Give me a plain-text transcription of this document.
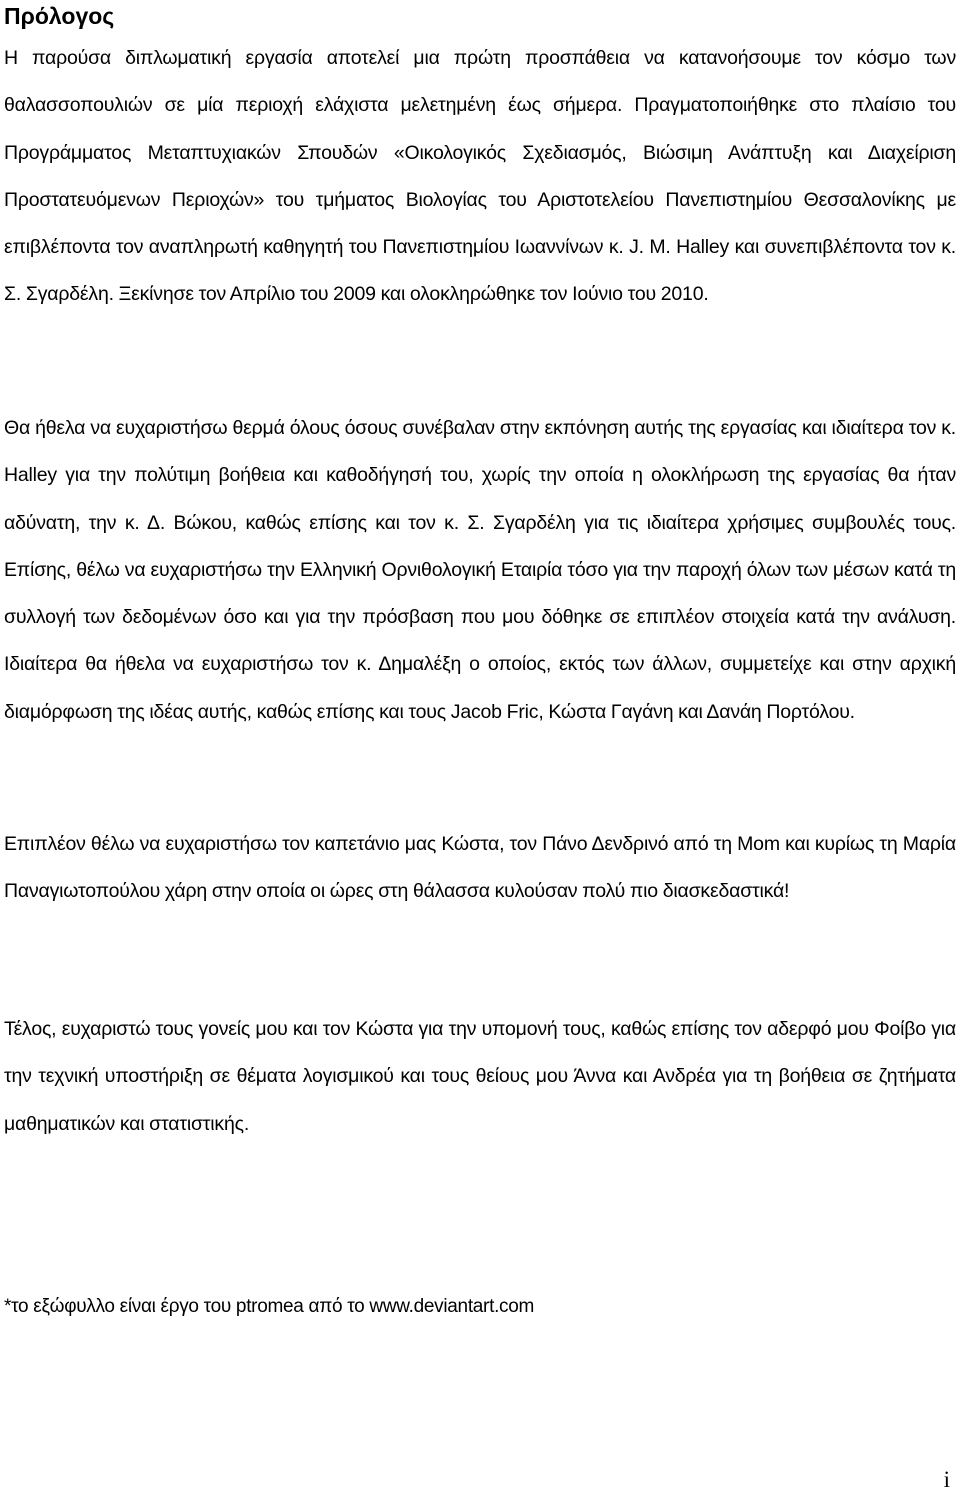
Πρόλογος

Η παρούσα διπλωματική εργασία αποτελεί μια πρώτη προσπάθεια να κατανοήσουμε τον κόσμο των θαλασσοπουλιών σε μία περιοχή ελάχιστα μελετημένη έως σήμερα. Πραγματοποιήθηκε στο πλαίσιο του Προγράμματος Μεταπτυχιακών Σπουδών «Οικολογικός Σχεδιασμός, Βιώσιμη Ανάπτυξη και Διαχείριση Προστατευόμενων Περιοχών» του τμήματος Βιολογίας του Αριστοτελείου Πανεπιστημίου Θεσσαλονίκης με επιβλέποντα τον αναπληρωτή καθηγητή του Πανεπιστημίου Ιωαννίνων κ. J. M. Halley και συνεπιβλέποντα τον κ. Σ. Σγαρδέλη. Ξεκίνησε τον Απρίλιο του 2009 και ολοκληρώθηκε τον Ιούνιο του 2010.

Θα ήθελα να ευχαριστήσω θερμά όλους όσους συνέβαλαν στην εκπόνηση αυτής της εργασίας και ιδιαίτερα τον κ. Halley για την πολύτιμη βοήθεια και καθοδήγησή του, χωρίς την οποία η ολοκλήρωση της εργασίας θα ήταν αδύνατη, την κ. Δ. Βώκου, καθώς επίσης και τον κ. Σ. Σγαρδέλη για τις ιδιαίτερα χρήσιμες συμβουλές τους. Επίσης, θέλω να ευχαριστήσω την Ελληνική Ορνιθολογική Εταιρία τόσο για την παροχή όλων των μέσων κατά τη συλλογή των δεδομένων όσο και για την πρόσβαση που μου δόθηκε σε επιπλέον στοιχεία κατά την ανάλυση. Ιδιαίτερα θα ήθελα να ευχαριστήσω τον κ. Δημαλέξη ο οποίος, εκτός των άλλων, συμμετείχε και στην αρχική διαμόρφωση της ιδέας αυτής, καθώς επίσης και τους Jacob Fric, Κώστα Γαγάνη και Δανάη Πορτόλου.

Επιπλέον θέλω να ευχαριστήσω τον καπετάνιο μας Κώστα, τον Πάνο Δενδρινό από τη Mom και κυρίως τη Μαρία Παναγιωτοπούλου χάρη στην οποία οι ώρες στη θάλασσα κυλούσαν πολύ πιο διασκεδαστικά!

Τέλος, ευχαριστώ τους γονείς μου και τον Κώστα για την υπομονή τους, καθώς επίσης τον αδερφό μου Φοίβο για την τεχνική υποστήριξη σε θέματα λογισμικού και τους θείους μου Άννα και Ανδρέα για τη βοήθεια σε ζητήματα μαθηματικών και στατιστικής.

*το εξώφυλλο είναι έργο του ptromea από το www.deviantart.com

i
